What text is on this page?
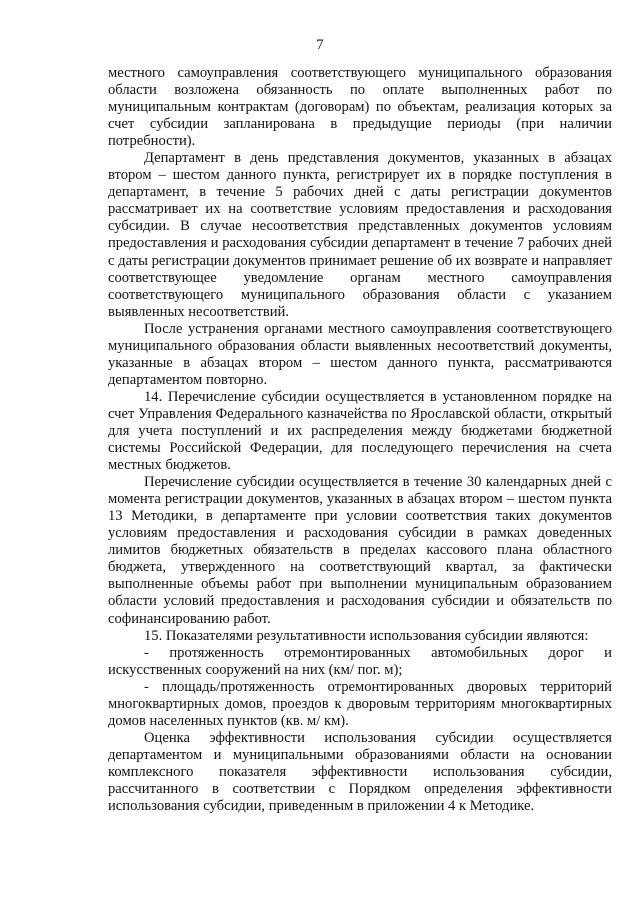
7

местного самоуправления соответствующего муниципального образования области возложена обязанность по оплате выполненных работ по муниципальным контрактам (договорам) по объектам, реализация которых за счет субсидии запланирована в предыдущие периоды (при наличии потребности).

Департамент в день представления документов, указанных в абзацах втором – шестом данного пункта, регистрирует их в порядке поступления в департамент, в течение 5 рабочих дней с даты регистрации документов рассматривает их на соответствие условиям предоставления и расходования субсидии. В случае несоответствия представленных документов условиям предоставления и расходования субсидии департамент в течение 7 рабочих дней с даты регистрации документов принимает решение об их возврате и направляет соответствующее уведомление органам местного самоуправления соответствующего муниципального образования области с указанием выявленных несоответствий.

После устранения органами местного самоуправления соответствующего муниципального образования области выявленных несоответствий документы, указанные в абзацах втором – шестом данного пункта, рассматриваются департаментом повторно.

14. Перечисление субсидии осуществляется в установленном порядке на счет Управления Федерального казначейства по Ярославской области, открытый для учета поступлений и их распределения между бюджетами бюджетной системы Российской Федерации, для последующего перечисления на счета местных бюджетов.

Перечисление субсидии осуществляется в течение 30 календарных дней с момента регистрации документов, указанных в абзацах втором – шестом пункта 13 Методики, в департаменте при условии соответствия таких документов условиям предоставления и расходования субсидии в рамках доведенных лимитов бюджетных обязательств в пределах кассового плана областного бюджета, утвержденного на соответствующий квартал, за фактически выполненные объемы работ при выполнении муниципальным образованием области условий предоставления и расходования субсидии и обязательств по софинансированию работ.

15. Показателями результативности использования субсидии являются:

- протяженность отремонтированных автомобильных дорог и искусственных сооружений на них (км/ пог. м);

- площадь/протяженность отремонтированных дворовых территорий многоквартирных домов, проездов к дворовым территориям многоквартирных домов населенных пунктов (кв. м/ км).

Оценка эффективности использования субсидии осуществляется департаментом и муниципальными образованиями области на основании комплексного показателя эффективности использования субсидии, рассчитанного в соответствии с Порядком определения эффективности использования субсидии, приведенным в приложении 4 к Методике.
